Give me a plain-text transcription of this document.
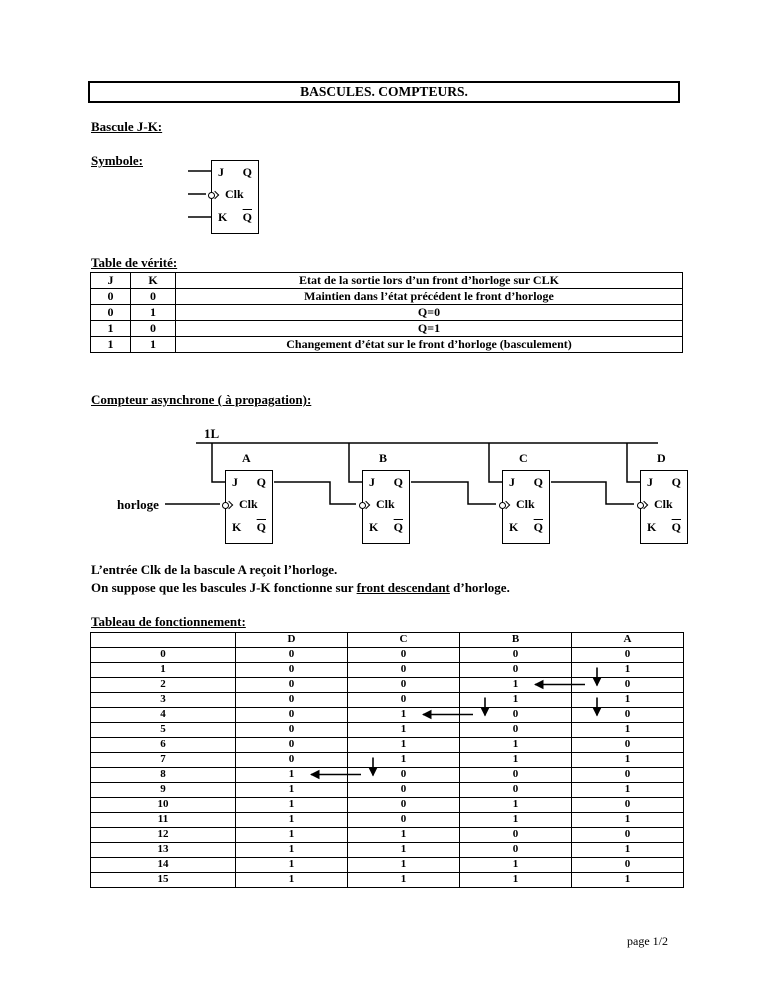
BASCULES. COMPTEURS.
Bascule J-K:
Symbole:
Table de vérité:
J	K	Etat de la sortie lors d’un front d’horloge sur CLK
0	0	Maintien dans l’état précédent le front d’horloge
0	1	Q=0
1	0	Q=1
1	1	Changement d’état sur le front d’horloge (basculement)
Compteur asynchrone ( à propagation):
1L
horloge
J Q
Clk
K $\overline{Q}$
J Q
Clk
K $\overline{Q}$
A
J Q
Clk
K $\overline{Q}$
B
J Q
Clk
K $\overline{Q}$
C
J Q
Clk
K $\overline{Q}$
D
L’entrée Clk de la bascule A reçoit l’horloge.
On suppose que les bascules J-K fonctionne sur front descendant d’horloge.
Tableau de fonctionnement:
	D	C	B	A
0	0	0	0	0
1	0	0	0	1
2	0	0	1	0
3	0	0	1	1
4	0	1	0	0
5	0	1	0	1
6	0	1	1	0
7	0	1	1	1
8	1	0	0	0
9	1	0	0	1
10	1	0	1	0
11	1	0	1	1
12	1	1	0	0
13	1	1	0	1
14	1	1	1	0
15	1	1	1	1
page 1/2
